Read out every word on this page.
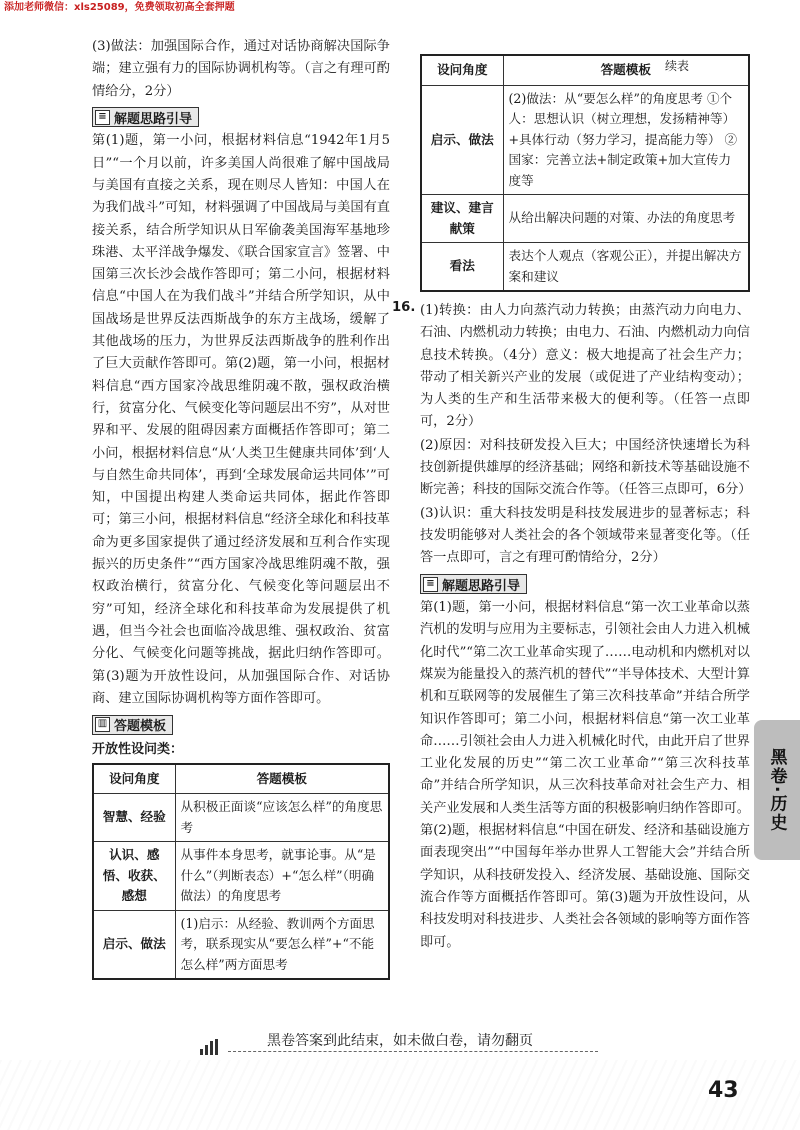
添加老师微信：xls25089，免费领取初高全套押题

(3)做法：加强国际合作，通过对话协商解决国际争端；建立强有力的国际协调机构等。（言之有理可酌情给分，2分）

≡ 解题思路引导

第(1)题，第一小问，根据材料信息“1942年1月5日”“一个月以前，许多美国人尚很难了解中国战局与美国有直接之关系，现在则尽人皆知：中国人在为我们战斗”可知，材料强调了中国战局与美国有直接关系，结合所学知识从日军偷袭美国海军基地珍珠港、太平洋战争爆发、《联合国家宣言》签署、中国第三次长沙会战作答即可；第二小问，根据材料信息“中国人在为我们战斗”并结合所学知识，从中国战场是世界反法西斯战争的东方主战场，缓解了其他战场的压力，为世界反法西斯战争的胜利作出了巨大贡献作答即可。第(2)题，第一小问，根据材料信息“西方国家冷战思维阴魂不散，强权政治横行，贫富分化、气候变化等问题层出不穷”，从对世界和平、发展的阻碍因素方面概括作答即可；第二小问，根据材料信息“从‘人类卫生健康共同体’到‘人与自然生命共同体’，再到‘全球发展命运共同体’”可知，中国提出构建人类命运共同体，据此作答即可；第三小问，根据材料信息“经济全球化和科技革命为更多国家提供了通过经济发展和互利合作实现振兴的历史条件”“西方国家冷战思维阴魂不散，强权政治横行，贫富分化、气候变化等问题层出不穷”可知，经济全球化和科技革命为发展提供了机遇，但当今社会也面临冷战思维、强权政治、贫富分化、气候变化问题等挑战，据此归纳作答即可。第(3)题为开放性设问，从加强国际合作、对话协商、建立国际协调机构等方面作答即可。

▥ 答题模板
开放性设问类：
设问角度	答题模板
智慧、经验	从积极正面谈“应该怎么样”的角度思考
认识、感悟、收获、感想	从事件本身思考，就事论事。从“是什么”（判断表态）+“怎么样”（明确做法）的角度思考
启示、做法	(1)启示：从经验、教训两个方面思考，联系现实从“要怎么样”+“不能怎么样”两方面思考
续表
设问角度	答题模板
启示、做法	(2)做法：从“要怎么样”的角度思考 ①个人：思想认识（树立理想，发扬精神等）+具体行动（努力学习，提高能力等） ②国家：完善立法+制定政策+加大宣传力度等
建议、建言献策	从给出解决问题的对策、办法的角度思考
看法	表达个人观点（客观公正），并提出解决方案和建议
16. (1)转换：由人力向蒸汽动力转换；由蒸汽动力向电力、石油、内燃机动力转换；由电力、石油、内燃机动力向信息技术转换。（4分）意义：极大地提高了社会生产力；带动了相关新兴产业的发展（或促进了产业结构变动）；为人类的生产和生活带来极大的便利等。（任答一点即可，2分）

(2)原因：对科技研发投入巨大；中国经济快速增长为科技创新提供雄厚的经济基础；网络和新技术等基础设施不断完善；科技的国际交流合作等。（任答三点即可，6分）

(3)认识：重大科技发明是科技发展进步的显著标志；科技发明能够对人类社会的各个领域带来显著变化等。（任答一点即可，言之有理可酌情给分，2分）

≡ 解题思路引导

第(1)题，第一小问，根据材料信息“第一次工业革命以蒸汽机的发明与应用为主要标志，引领社会由人力进入机械化时代”“第二次工业革命实现了……电动机和内燃机对以煤炭为能量投入的蒸汽机的替代”“半导体技术、大型计算机和互联网等的发展催生了第三次科技革命”并结合所学知识作答即可；第二小问，根据材料信息“第一次工业革命……引领社会由人力进入机械化时代，由此开启了世界工业化发展的历史”“第二次工业革命”“第三次科技革命”并结合所学知识，从三次科技革命对社会生产力、相关产业发展和人类生活等方面的积极影响归纳作答即可。第(2)题，根据材料信息“中国在研发、经济和基础设施方面表现突出”“中国每年举办世界人工智能大会”并结合所学知识，从科技研发投入、经济发展、基础设施、国际交流合作等方面概括作答即可。第(3)题为开放性设问，从科技发明对科技进步、人类社会各领域的影响等方面作答即可。

黑卷·历史
黑卷答案到此结束，如未做白卷，请勿翻页
43
